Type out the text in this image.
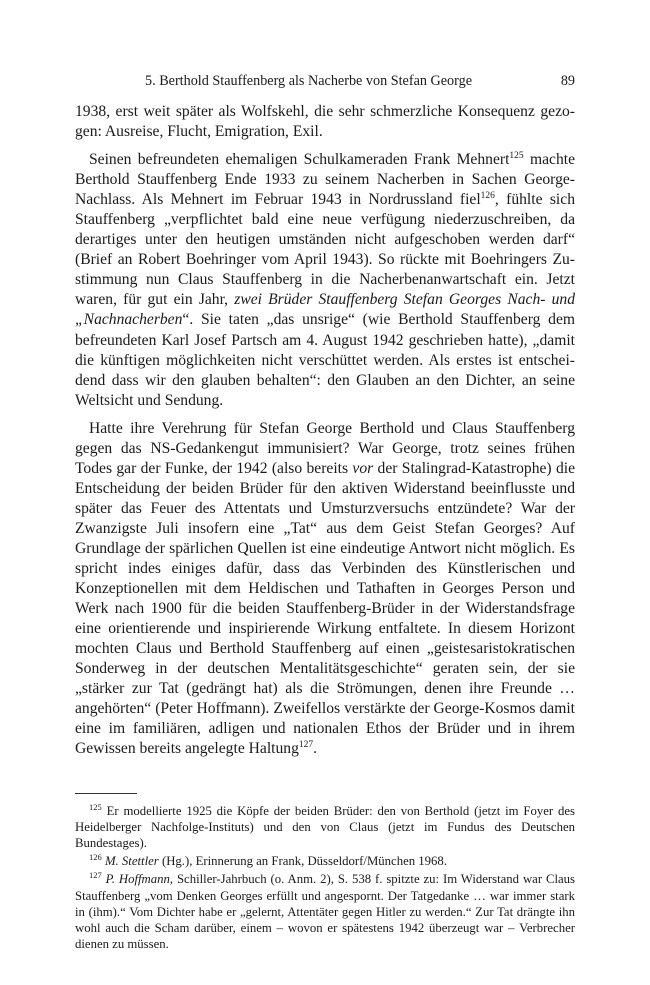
5. Berthold Stauffenberg als Nacherbe von Stefan George	89

1938, erst weit später als Wolfskehl, die sehr schmerzliche Konsequenz gezogen: Ausreise, Flucht, Emigration, Exil.

Seinen befreundeten ehemaligen Schulkameraden Frank Mehnert$^{125}$ machte Berthold Stauffenberg Ende 1933 zu seinem Nacherben in Sachen George-Nachlass. Als Mehnert im Februar 1943 in Nordrussland fiel$^{126}$, fühlte sich Stauffenberg „verpflichtet bald eine neue verfügung niederzuschreiben, da derartiges unter den heutigen umständen nicht aufgeschoben werden darf“ (Brief an Robert Boehringer vom April 1943). So rückte mit Boehringers Zustimmung nun Claus Stauffenberg in die Nacherbenanwartschaft ein. Jetzt waren, für gut ein Jahr, zwei Brüder Stauffenberg Stefan Georges Nach- und „Nachnacherben“. Sie taten „das unsrige“ (wie Berthold Stauffenberg dem befreundeten Karl Josef Partsch am 4. August 1942 geschrieben hatte), „damit die künftigen möglichkeiten nicht verschüttet werden. Als erstes ist entscheidend dass wir den glauben behalten“: den Glauben an den Dichter, an seine Weltsicht und Sendung.

Hatte ihre Verehrung für Stefan George Berthold und Claus Stauffenberg gegen das NS-Gedankengut immunisiert? War George, trotz seines frühen Todes gar der Funke, der 1942 (also bereits vor der Stalingrad-Katastrophe) die Entscheidung der beiden Brüder für den aktiven Widerstand beeinflusste und später das Feuer des Attentats und Umsturzversuchs entzündete? War der Zwanzigste Juli insofern eine „Tat“ aus dem Geist Stefan Georges? Auf Grundlage der spärlichen Quellen ist eine eindeutige Antwort nicht möglich. Es spricht indes einiges dafür, dass das Verbinden des Künstlerischen und Konzeptionellen mit dem Heldischen und Tathaften in Georges Person und Werk nach 1900 für die beiden Stauffenberg-Brüder in der Widerstandsfrage eine orientierende und inspirierende Wirkung entfaltete. In diesem Horizont mochten Claus und Berthold Stauffenberg auf einen „geistesaristokratischen Sonderweg in der deutschen Mentalitätsgeschichte“ geraten sein, der sie „stärker zur Tat (gedrängt hat) als die Strömungen, denen ihre Freunde … angehörten“ (Peter Hoffmann). Zweifellos verstärkte der George-Kosmos damit eine im familiären, adligen und nationalen Ethos der Brüder und in ihrem Gewissen bereits angelegte Haltung$^{127}$.

$^{125}$ Er modellierte 1925 die Köpfe der beiden Brüder: den von Berthold (jetzt im Foyer des Heidelberger Nachfolge-Instituts) und den von Claus (jetzt im Fundus des Deutschen Bundestages).

$^{126}$ M. Stettler (Hg.), Erinnerung an Frank, Düsseldorf/München 1968.

$^{127}$ P. Hoffmann, Schiller-Jahrbuch (o. Anm. 2), S. 538 f. spitzte zu: Im Widerstand war Claus Stauffenberg „vom Denken Georges erfüllt und angespornt. Der Tatgedanke … war immer stark in (ihm).“ Vom Dichter habe er „gelernt, Attentäter gegen Hitler zu werden.“ Zur Tat drängte ihn wohl auch die Scham darüber, einem – wovon er spätestens 1942 überzeugt war – Verbrecher dienen zu müssen.
